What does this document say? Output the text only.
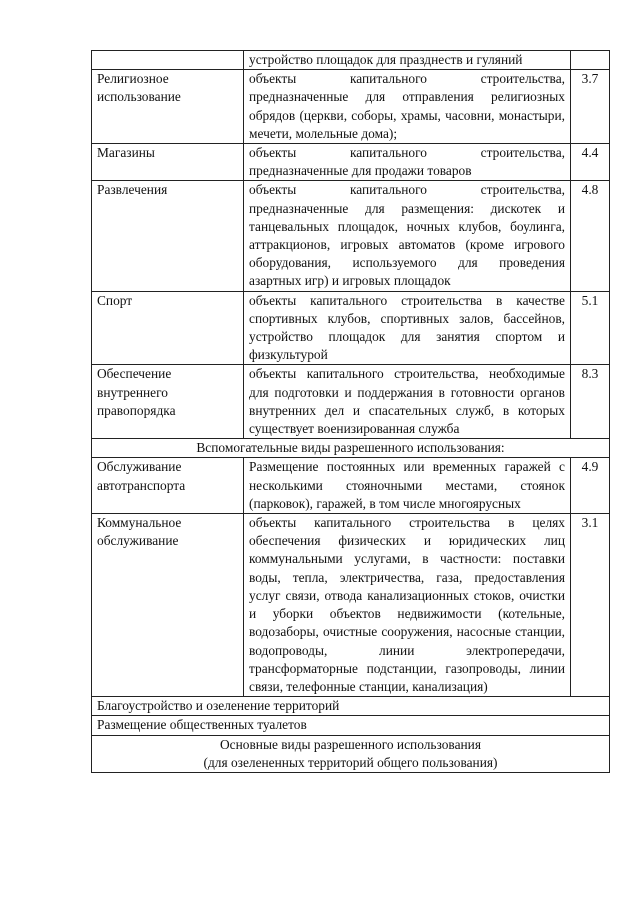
	устройство площадок для празднеств и гуляний	
Религиозное использование	объекты капитального строительства, предназначенные для отправления религиозных обрядов (церкви, соборы, храмы, часовни, монастыри, мечети, молельные дома);	3.7
Магазины	объекты капитального строительства, предназначенные для продажи товаров	4.4
Развлечения	объекты капитального строительства, предназначенные для размещения: дискотек и танцевальных площадок, ночных клубов, боулинга, аттракционов, игровых автоматов (кроме игрового оборудования, используемого для проведения азартных игр) и игровых площадок	4.8
Спорт	объекты капитального строительства в качестве спортивных клубов, спортивных залов, бассейнов, устройство площадок для занятия спортом и физкультурой	5.1
Обеспечение внутреннего правопорядка	объекты капитального строительства, необходимые для подготовки и поддержания в готовности органов внутренних дел и спасательных служб, в которых существует военизированная служба	8.3
Вспомогательные виды разрешенного использования:		
Обслуживание автотранспорта	Размещение постоянных или временных гаражей с несколькими стояночными местами, стоянок (парковок), гаражей, в том числе многоярусных	4.9
Коммунальное обслуживание	объекты капитального строительства в целях обеспечения физических и юридических лиц коммунальными услугами, в частности: поставки воды, тепла, электричества, газа, предоставления услуг связи, отвода канализационных стоков, очистки и уборки объектов недвижимости (котельные, водозаборы, очистные сооружения, насосные станции, водопроводы, линии электропередачи, трансформаторные подстанции, газопроводы, линии связи, телефонные станции, канализация)	3.1
Благоустройство и озеленение территорий		
Размещение общественных туалетов		

Основные виды разрешенного использования
(для озелененных территорий общего пользования)		
